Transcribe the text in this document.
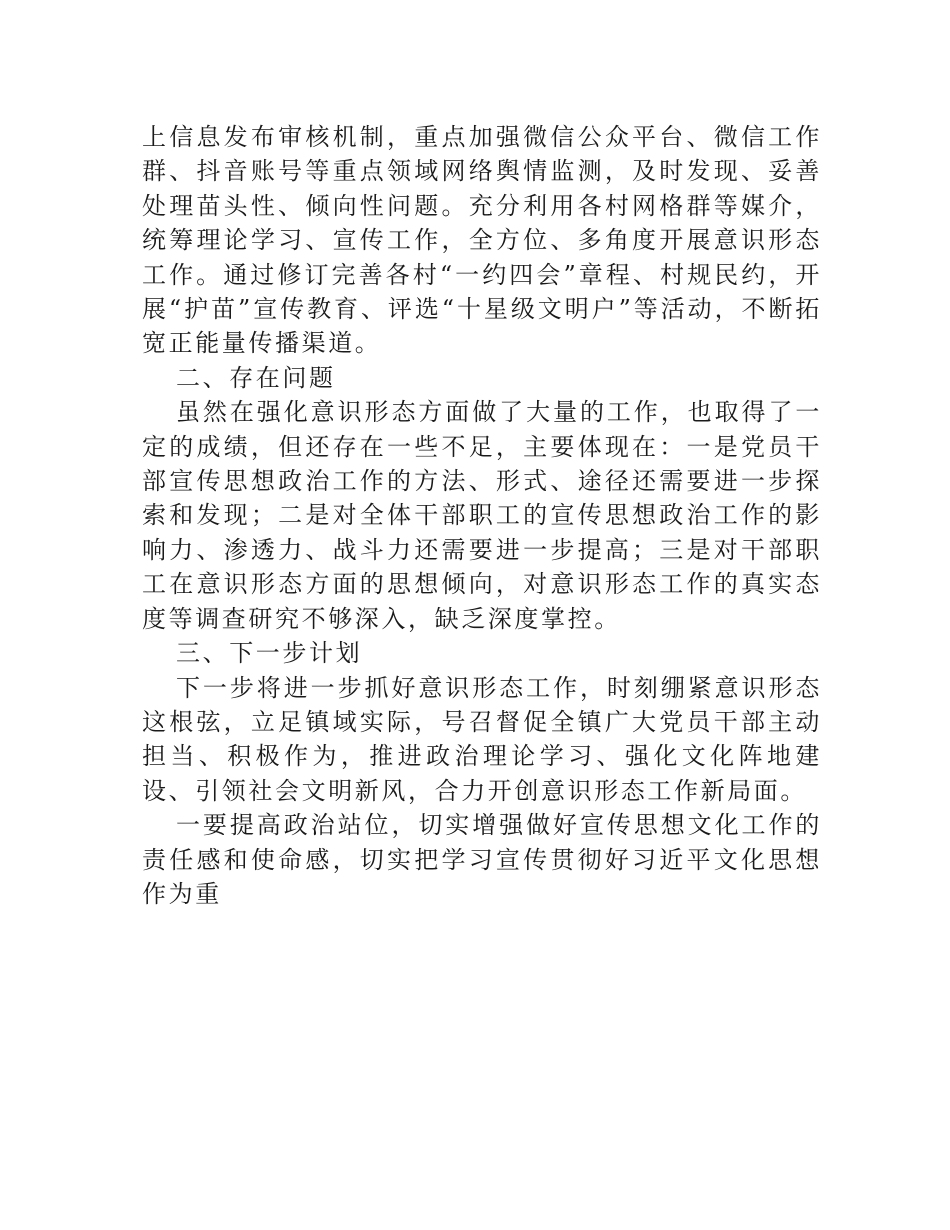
上信息发布审核机制，重点加强微信公众平台、微信工作群、抖音账号等重点领域网络舆情监测，及时发现、妥善处理苗头性、倾向性问题。充分利用各村网格群等媒介，统筹理论学习、宣传工作，全方位、多角度开展意识形态工作。通过修订完善各村“一约四会”章程、村规民约，开展“护苗”宣传教育、评选“十星级文明户”等活动，不断拓宽正能量传播渠道。

二、存在问题

虽然在强化意识形态方面做了大量的工作，也取得了一定的成绩，但还存在一些不足，主要体现在：一是党员干部宣传思想政治工作的方法、形式、途径还需要进一步探索和发现；二是对全体干部职工的宣传思想政治工作的影响力、渗透力、战斗力还需要进一步提高；三是对干部职工在意识形态方面的思想倾向，对意识形态工作的真实态度等调查研究不够深入，缺乏深度掌控。

三、下一步计划

下一步将进一步抓好意识形态工作，时刻绷紧意识形态这根弦，立足镇域实际，号召督促全镇广大党员干部主动担当、积极作为，推进政治理论学习、强化文化阵地建设、引领社会文明新风，合力开创意识形态工作新局面。

一要提高政治站位，切实增强做好宣传思想文化工作的责任感和使命感，切实把学习宣传贯彻好习近平文化思想作为重
